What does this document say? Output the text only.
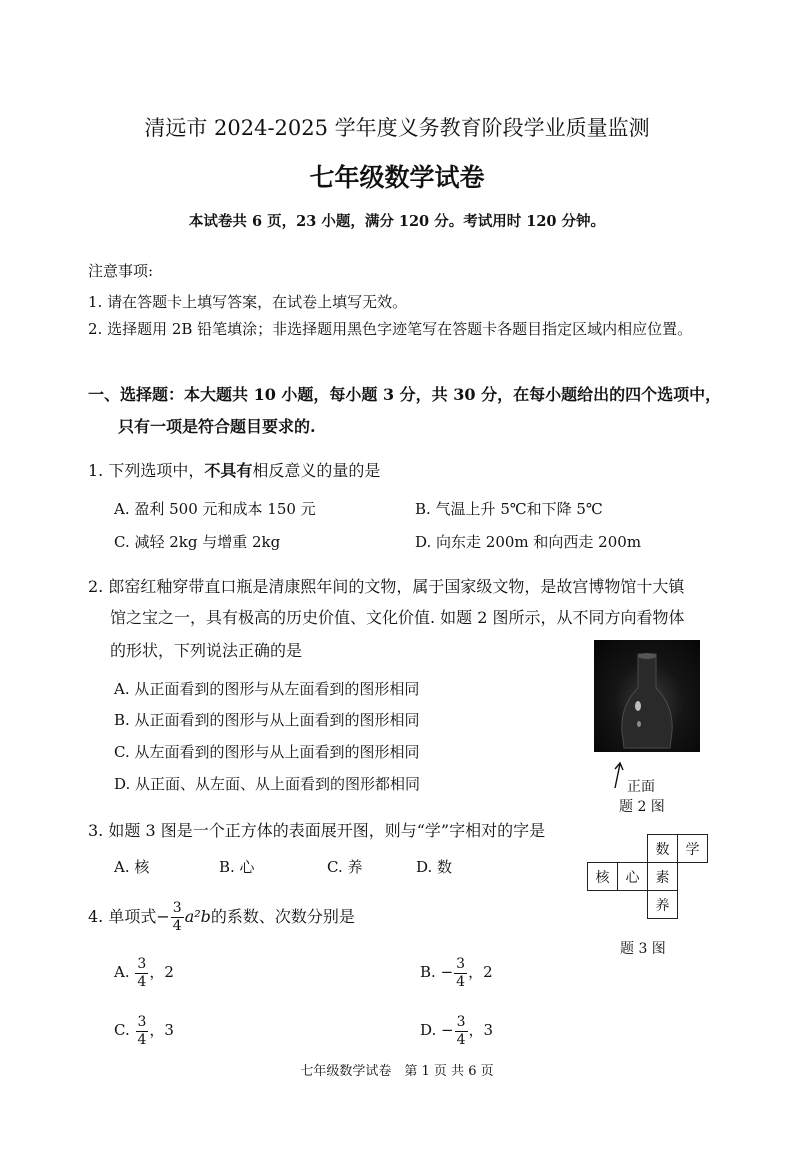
清远市 2024-2025 学年度义务教育阶段学业质量监测
七年级数学试卷
本试卷共 6 页，23 小题，满分 120 分。考试用时 120 分钟。
注意事项:
1. 请在答题卡上填写答案，在试卷上填写无效。
2. 选择题用 2B 铅笔填涂；非选择题用黑色字迹笔写在答题卡各题目指定区域内相应位置。
一、选择题：本大题共 10 小题，每小题 3 分，共 30 分，在每小题给出的四个选项中，
只有一项是符合题目要求的.
1. 下列选项中，不具有相反意义的量的是
A. 盈利 500 元和成本 150 元	B. 气温上升 5℃和下降 5℃
C. 减轻 2kg 与增重 2kg	D. 向东走 200m 和向西走 200m
2. 郎窑红釉穿带直口瓶是清康熙年间的文物，属于国家级文物，是故宫博物馆十大镇
馆之宝之一，具有极高的历史价值、文化价值. 如题 2 图所示，从不同方向看物体
的形状，下列说法正确的是
A. 从正面看到的图形与从左面看到的图形相同
B. 从正面看到的图形与从上面看到的图形相同
C. 从左面看到的图形与从上面看到的图形相同
D. 从正面、从左面、从上面看到的图形都相同	正面
题 2 图
3. 如题 3 图是一个正方体的表面展开图，则与“学”字相对的字是
A. 核	B. 心	C. 养	D. 数
数	学
核	心	素
养
题 3 图
4. 单项式− $\frac{3}{4} a^2b$的系数、次数分别是
A. $\frac{3}{4}$ ，2	B. − $\frac{3}{4}$ ，2
C. $\frac{3}{4}$ ，3	D. − $\frac{3}{4}$ ，3
七年级数学试卷　第 1 页 共 6 页
